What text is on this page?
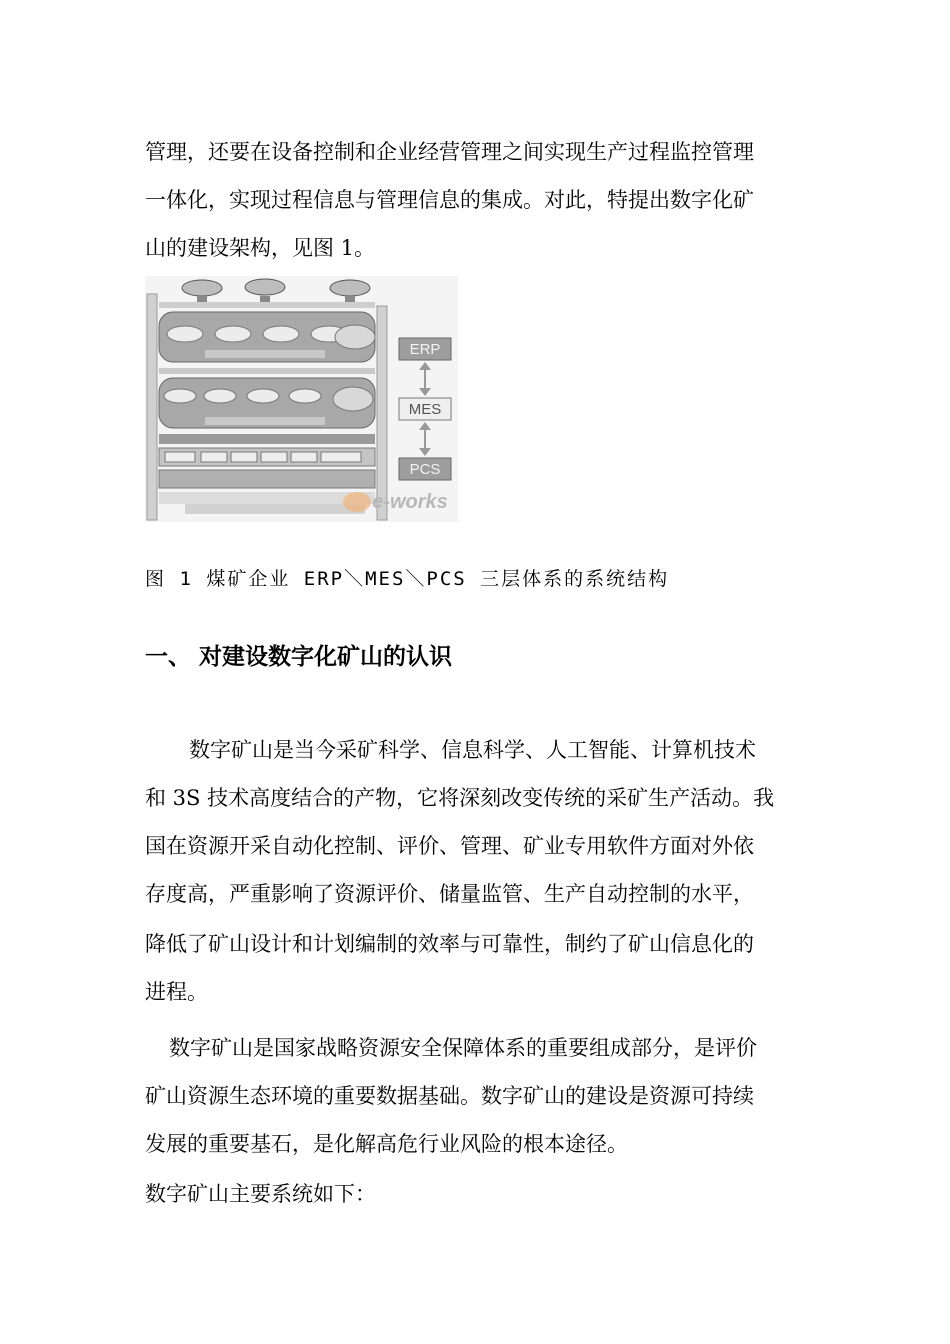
管理，还要在设备控制和企业经营管理之间实现生产过程监控管理
一体化，实现过程信息与管理信息的集成。对此，特提出数字化矿
山的建设架构，见图 1。
ERP
MES
PCS
e-works
图 1 煤矿企业 ERP＼MES＼PCS 三层体系的系统结构
一、 对建设数字化矿山的认识
数字矿山是当今采矿科学、信息科学、人工智能、计算机技术
和 3S 技术高度结合的产物，它将深刻改变传统的采矿生产活动。我
国在资源开采自动化控制、评价、管理、矿业专用软件方面对外依
存度高，严重影响了资源评价、储量监管、生产自动控制的水平，
降低了矿山设计和计划编制的效率与可靠性，制约了矿山信息化的
进程。
数字矿山是国家战略资源安全保障体系的重要组成部分，是评价
矿山资源生态环境的重要数据基础。数字矿山的建设是资源可持续
发展的重要基石，是化解高危行业风险的根本途径。
数字矿山主要系统如下：
